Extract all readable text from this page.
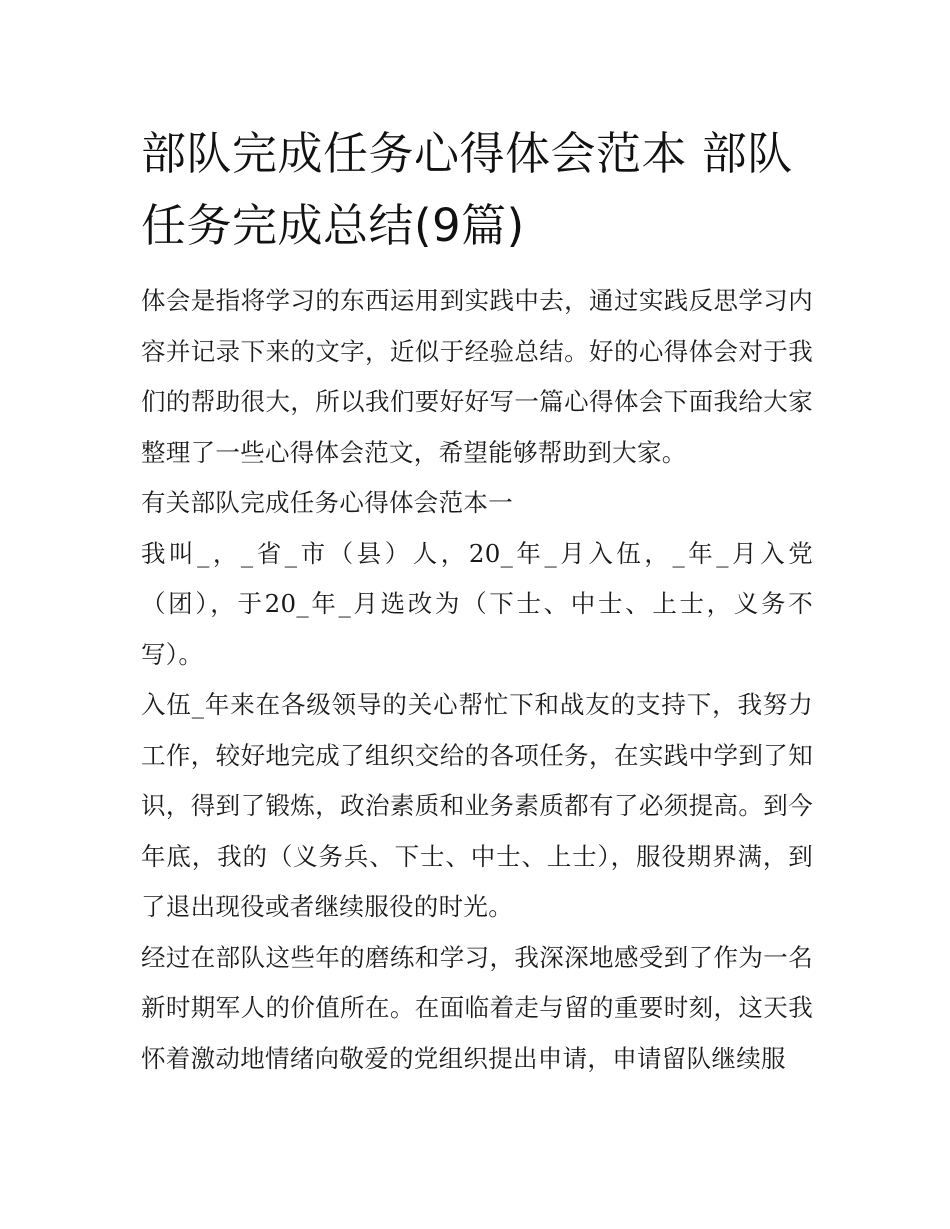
部队完成任务心得体会范本 部队任务完成总结(9篇)

体会是指将学习的东西运用到实践中去，通过实践反思学习内容并记录下来的文字，近似于经验总结。好的心得体会对于我们的帮助很大，所以我们要好好写一篇心得体会下面我给大家整理了一些心得体会范文，希望能够帮助到大家。

有关部队完成任务心得体会范本一

我叫_，_省_市（县）人，20_年_月入伍，_年_月入党（团），于20_年_月选改为（下士、中士、上士，义务不写）。

入伍_年来在各级领导的关心帮忙下和战友的支持下，我努力工作，较好地完成了组织交给的各项任务，在实践中学到了知识，得到了锻炼，政治素质和业务素质都有了必须提高。到今年底，我的（义务兵、下士、中士、上士），服役期界满，到了退出现役或者继续服役的时光。

经过在部队这些年的磨练和学习，我深深地感受到了作为一名新时期军人的价值所在。在面临着走与留的重要时刻，这天我怀着激动地情绪向敬爱的党组织提出申请，申请留队继续服
